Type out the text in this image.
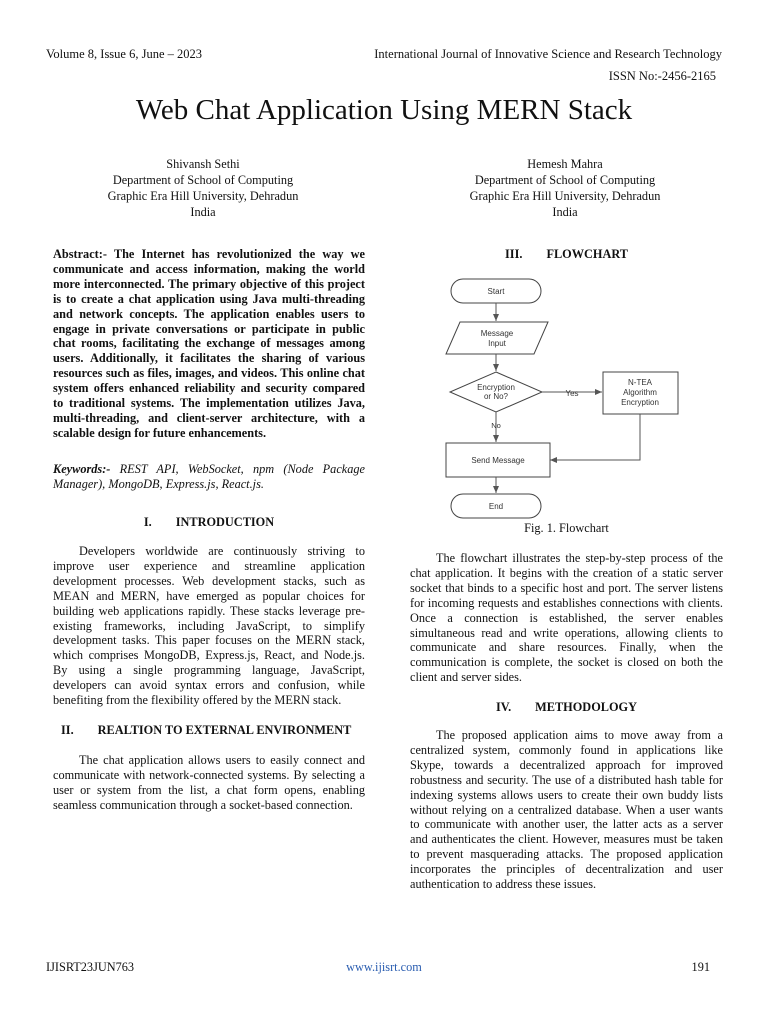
Volume 8, Issue 6, June – 2023	International Journal of Innovative Science and Research Technology
ISSN No:-2456-2165
Web Chat Application Using MERN Stack
Shivansh Sethi
Department of School of Computing
Graphic Era Hill University, Dehradun
India
Hemesh Mahra
Department of School of Computing
Graphic Era Hill University, Dehradun
India

Abstract:- The Internet has revolutionized the way we communicate and access information, making the world more interconnected. The primary objective of this project is to create a chat application using Java multi-threading and network concepts. The application enables users to engage in private conversations or participate in public chat rooms, facilitating the exchange of messages among users. Additionally, it facilitates the sharing of various resources such as files, images, and videos. This online chat system offers enhanced reliability and security compared to traditional systems. The implementation utilizes Java, multi-threading, and client-server architecture, with a scalable design for future enhancements.

Keywords:- REST API, WebSocket, npm (Node Package Manager), MongoDB, Express.js, React.js.

I. INTRODUCTION

Developers worldwide are continuously striving to improve user experience and streamline application development processes. Web development stacks, such as MEAN and MERN, have emerged as popular choices for building web applications rapidly. These stacks leverage pre-existing frameworks, including JavaScript, to simplify development tasks. This paper focuses on the MERN stack, which comprises MongoDB, Express.js, React, and Node.js. By using a single programming language, JavaScript, developers can avoid syntax errors and confusion, while benefiting from the flexibility offered by the MERN stack.

II. REALTION TO EXTERNAL ENVIRONMENT

The chat application allows users to easily connect and communicate with network-connected systems. By selecting a user or system from the list, a chat form opens, enabling seamless communication through a socket-based connection.

III. FLOWCHART

Start
Message
Input
Encryption
or No?	Yes
N-TEA
Algorithm
Encryption
No
Send Message
End
Fig. 1. Flowchart

The flowchart illustrates the step-by-step process of the chat application. It begins with the creation of a static server socket that binds to a specific host and port. The server listens for incoming requests and establishes connections with clients. Once a connection is established, the server enables simultaneous read and write operations, allowing clients to communicate and share resources. Finally, when the communication is complete, the socket is closed on both the client and server sides.

IV. METHODOLOGY

The proposed application aims to move away from a centralized system, commonly found in applications like Skype, towards a decentralized approach for improved robustness and security. The use of a distributed hash table for indexing systems allows users to create their own buddy lists without relying on a centralized database. When a user wants to communicate with another user, the latter acts as a server and authenticates the client. However, measures must be taken to prevent masquerading attacks. The proposed application incorporates the principles of decentralization and user authentication to address these issues.

IJISRT23JUN763	www.ijisrt.com	191
